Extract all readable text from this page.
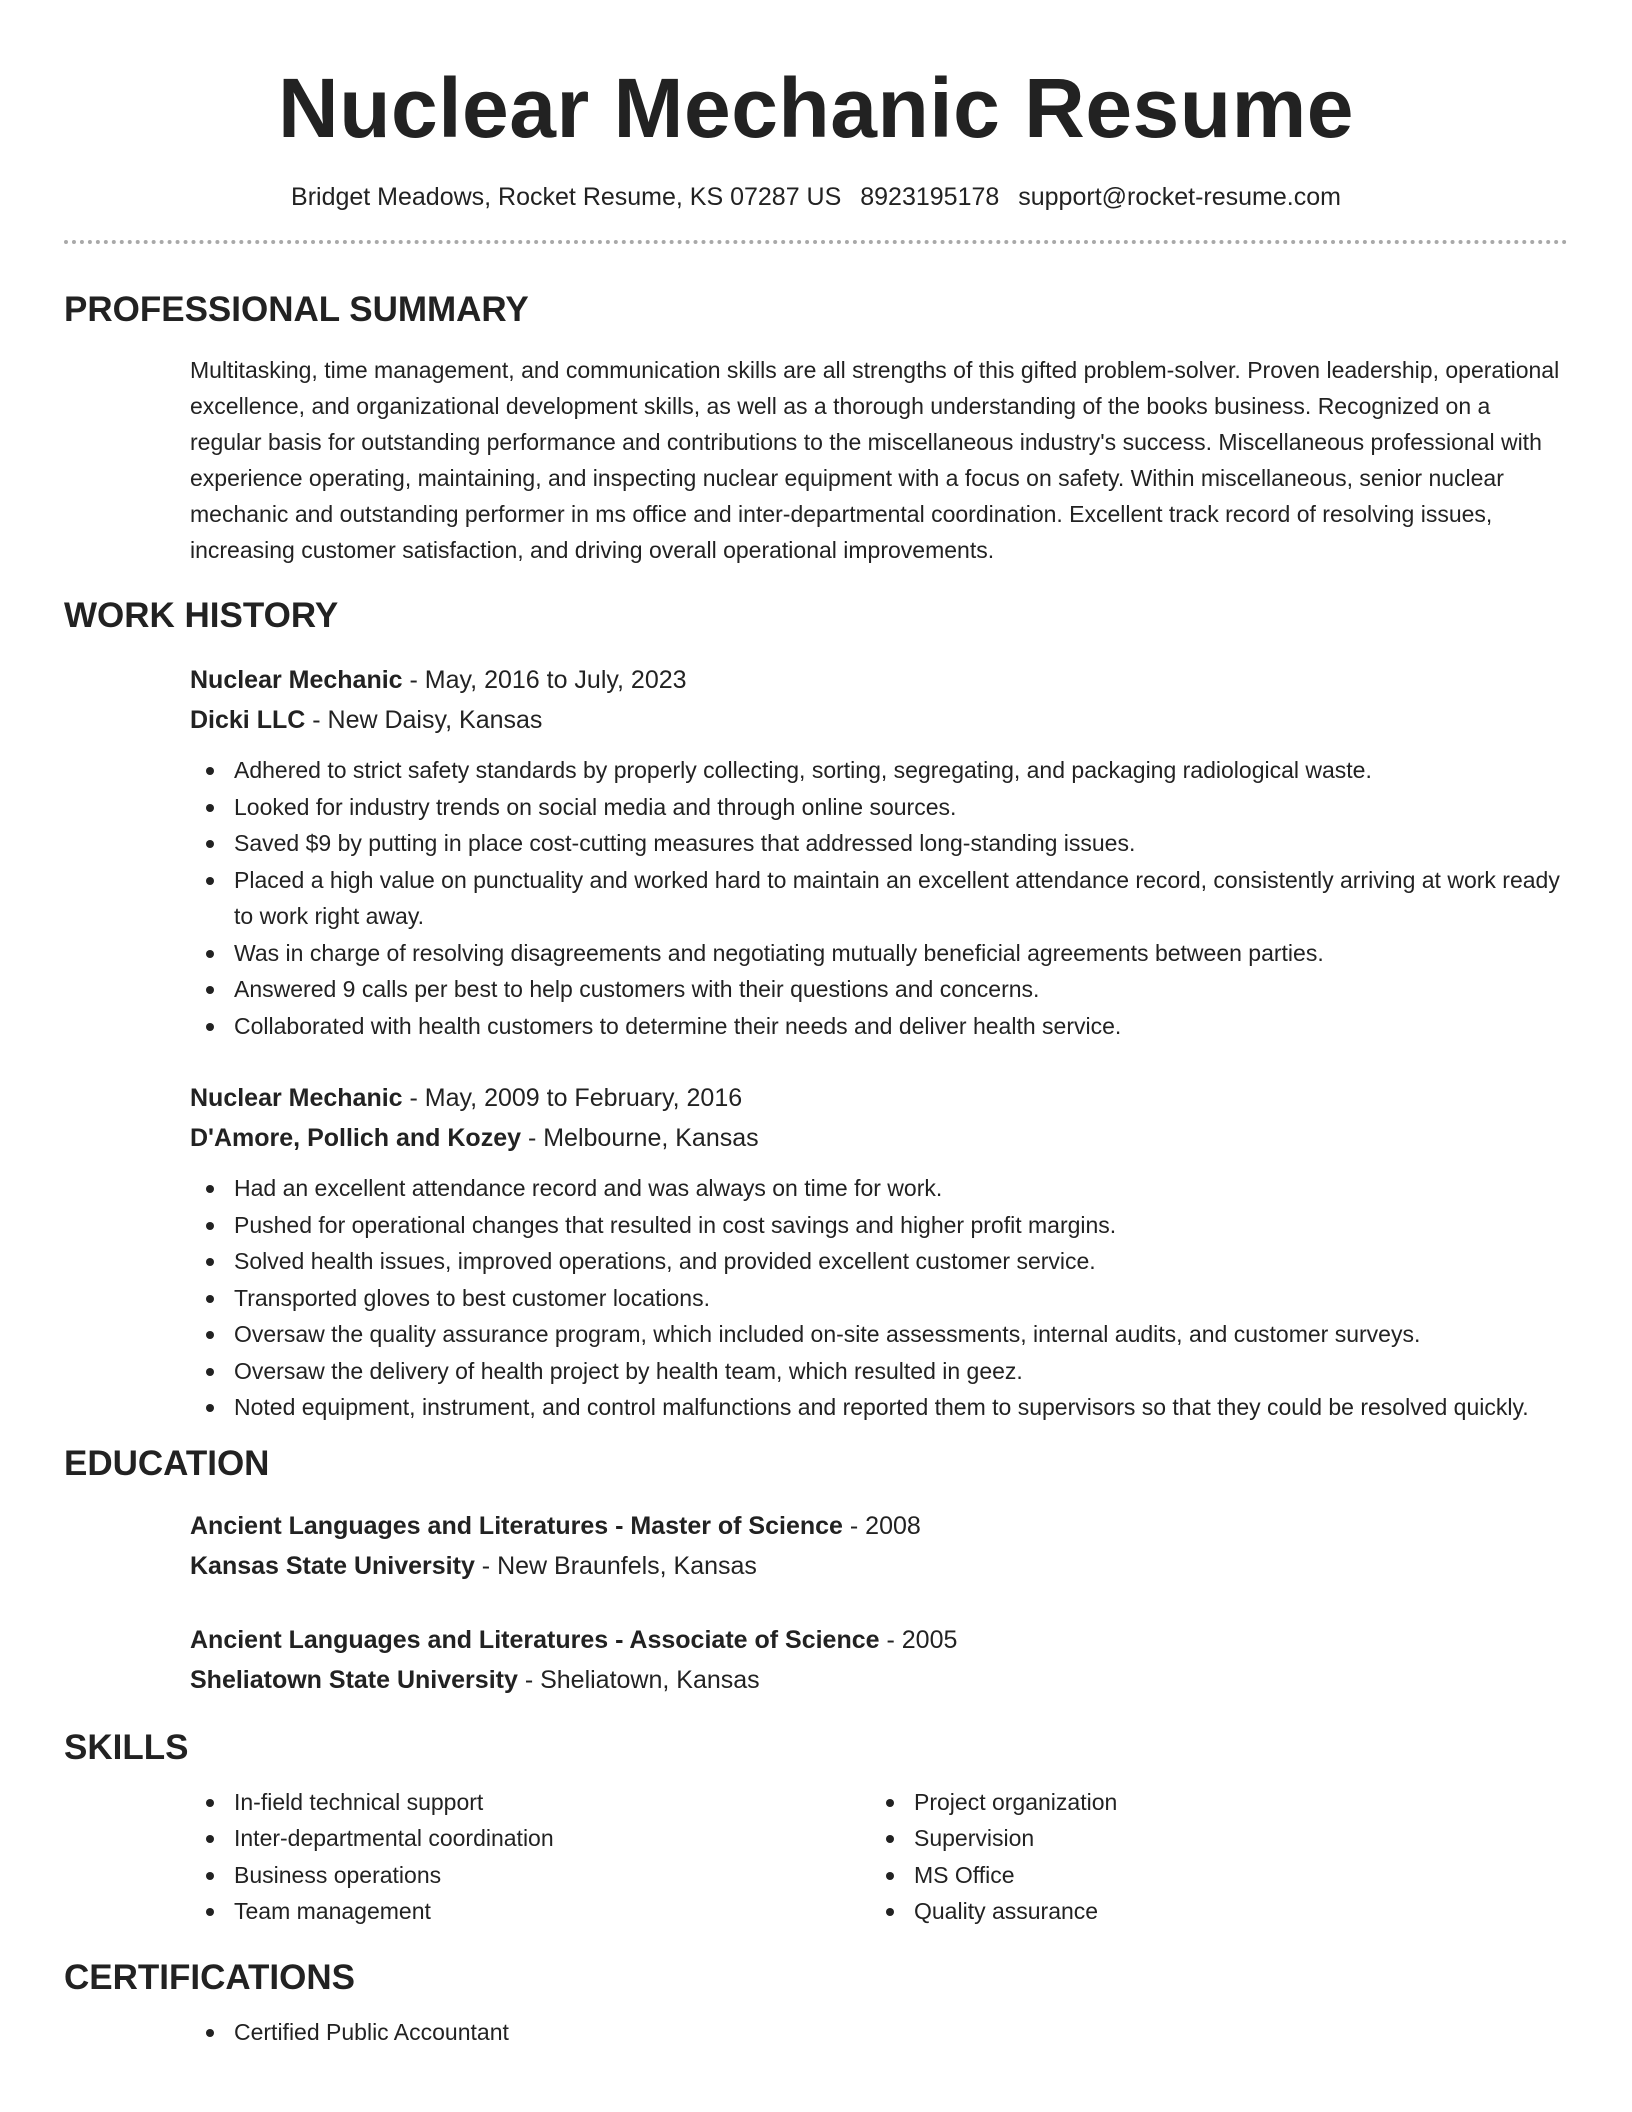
Nuclear Mechanic Resume
Bridget Meadows, Rocket Resume, KS 07287 US 8923195178 support@rocket-resume.com
PROFESSIONAL SUMMARY

Multitasking, time management, and communication skills are all strengths of this gifted problem-solver. Proven leadership, operational excellence, and organizational development skills, as well as a thorough understanding of the books business. Recognized on a regular basis for outstanding performance and contributions to the miscellaneous industry's success. Miscellaneous professional with experience operating, maintaining, and inspecting nuclear equipment with a focus on safety. Within miscellaneous, senior nuclear mechanic and outstanding performer in ms office and inter-departmental coordination. Excellent track record of resolving issues, increasing customer satisfaction, and driving overall operational improvements.

WORK HISTORY
Nuclear Mechanic - May, 2016 to July, 2023
Dicki LLC - New Daisy, Kansas
Adhered to strict safety standards by properly collecting, sorting, segregating, and packaging radiological waste.
Looked for industry trends on social media and through online sources.
Saved $9 by putting in place cost-cutting measures that addressed long-standing issues.
Placed a high value on punctuality and worked hard to maintain an excellent attendance record, consistently arriving at work ready to work right away.
Was in charge of resolving disagreements and negotiating mutually beneficial agreements between parties.
Answered 9 calls per best to help customers with their questions and concerns.
Collaborated with health customers to determine their needs and deliver health service.
Nuclear Mechanic - May, 2009 to February, 2016
D'Amore, Pollich and Kozey - Melbourne, Kansas
Had an excellent attendance record and was always on time for work.
Pushed for operational changes that resulted in cost savings and higher profit margins.
Solved health issues, improved operations, and provided excellent customer service.
Transported gloves to best customer locations.
Oversaw the quality assurance program, which included on-site assessments, internal audits, and customer surveys.
Oversaw the delivery of health project by health team, which resulted in geez.
Noted equipment, instrument, and control malfunctions and reported them to supervisors so that they could be resolved quickly.
EDUCATION
Ancient Languages and Literatures - Master of Science - 2008
Kansas State University - New Braunfels, Kansas
Ancient Languages and Literatures - Associate of Science - 2005
Sheliatown State University - Sheliatown, Kansas
SKILLS
In-field technical support
Inter-departmental coordination
Business operations
Team management
Project organization
Supervision
MS Office
Quality assurance
CERTIFICATIONS
Certified Public Accountant
